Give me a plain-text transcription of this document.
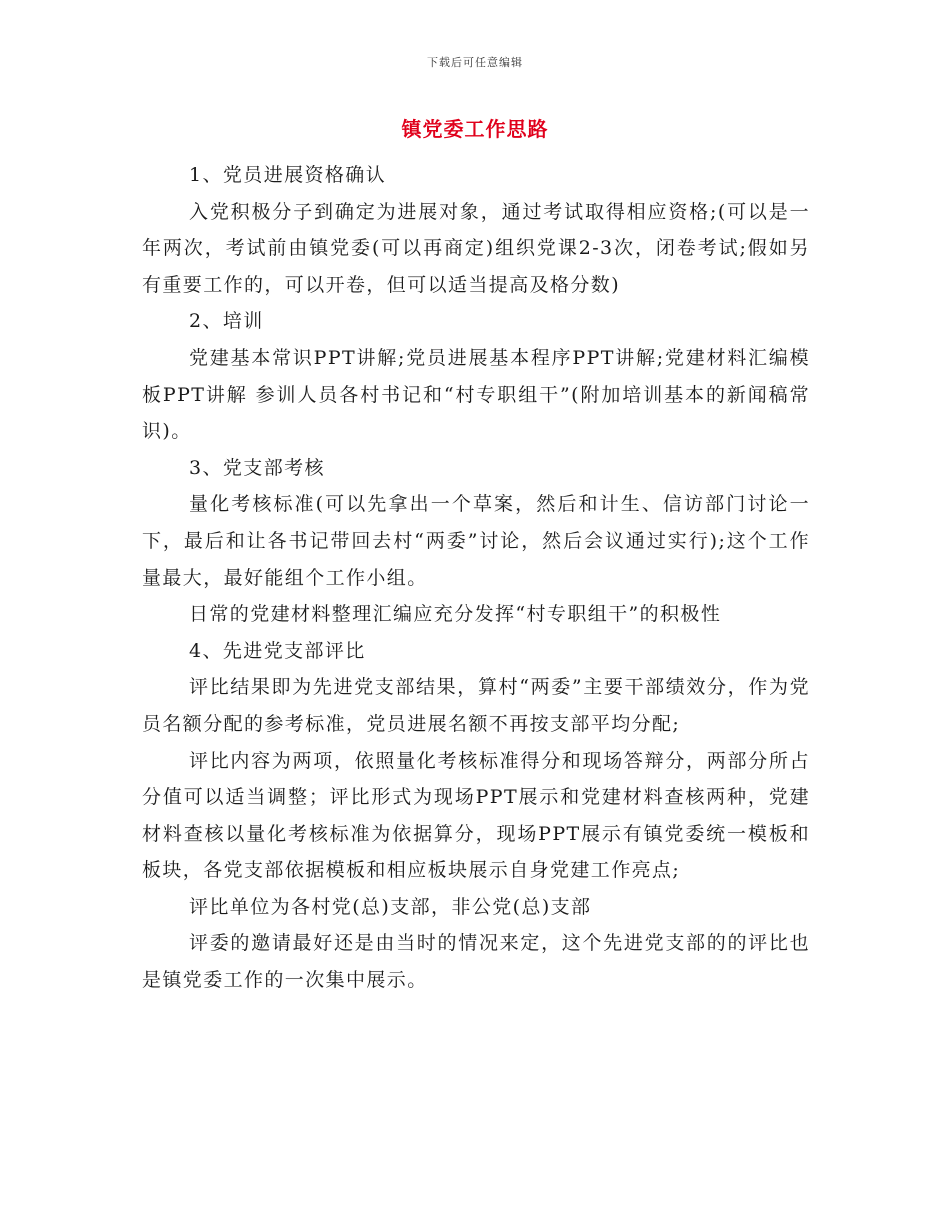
下载后可任意编辑
镇党委工作思路

1、党员进展资格确认

入党积极分子到确定为进展对象，通过考试取得相应资格;(可以是一年两次，考试前由镇党委(可以再商定)组织党课2-3次，闭卷考试;假如另有重要工作的，可以开卷，但可以适当提高及格分数)

2、培训

党建基本常识PPT讲解;党员进展基本程序PPT讲解;党建材料汇编模板PPT讲解 参训人员各村书记和“村专职组干”(附加培训基本的新闻稿常识)。

3、党支部考核

量化考核标准(可以先拿出一个草案，然后和计生、信访部门讨论一下，最后和让各书记带回去村“两委”讨论，然后会议通过实行);这个工作量最大，最好能组个工作小组。

日常的党建材料整理汇编应充分发挥“村专职组干”的积极性

4、先进党支部评比

评比结果即为先进党支部结果，算村“两委”主要干部绩效分，作为党员名额分配的参考标准，党员进展名额不再按支部平均分配;

评比内容为两项，依照量化考核标准得分和现场答辩分，两部分所占分值可以适当调整；评比形式为现场PPT展示和党建材料查核两种，党建材料查核以量化考核标准为依据算分，现场PPT展示有镇党委统一模板和板块，各党支部依据模板和相应板块展示自身党建工作亮点;

评比单位为各村党(总)支部，非公党(总)支部

评委的邀请最好还是由当时的情况来定，这个先进党支部的的评比也是镇党委工作的一次集中展示。
